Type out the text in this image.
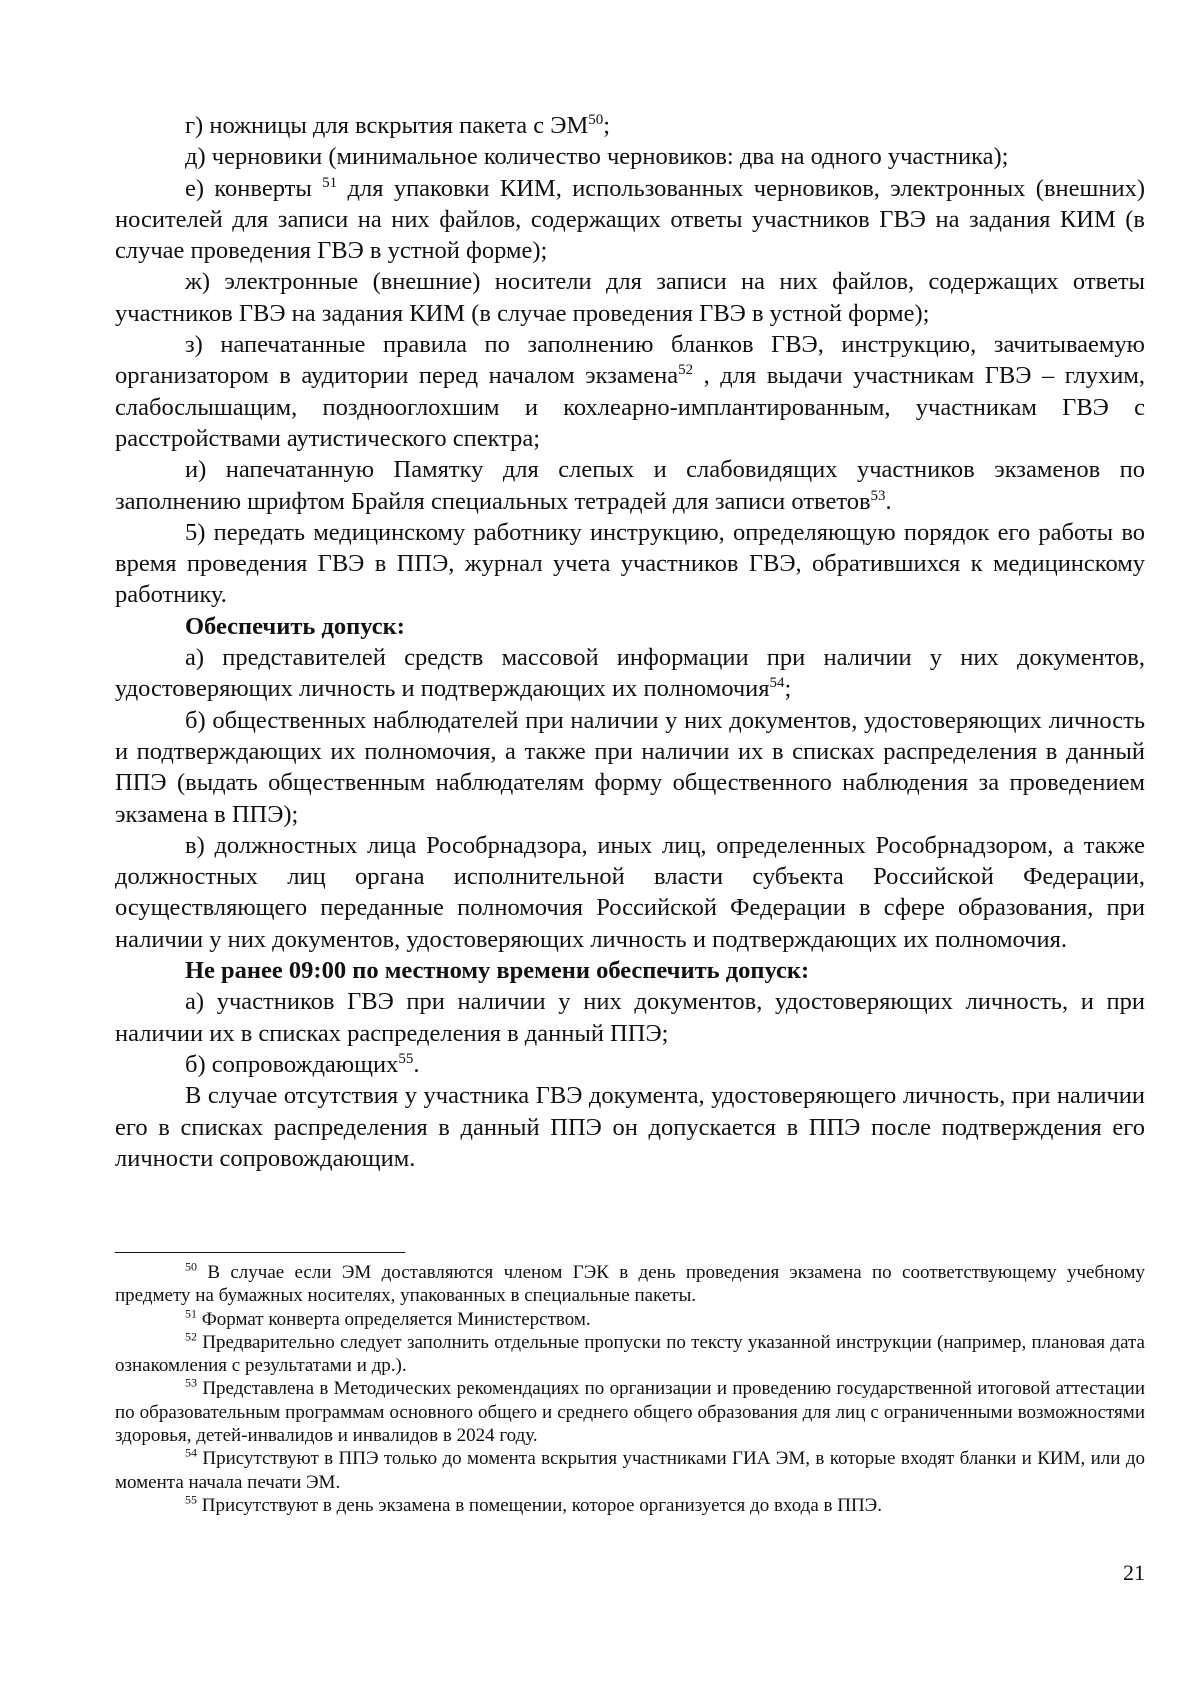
г) ножницы для вскрытия пакета с ЭМ$^{50}$;

д) черновики (минимальное количество черновиков: два на одного участника);

е) конверты $^{51}$ для упаковки КИМ, использованных черновиков, электронных (внешних) носителей для записи на них файлов, содержащих ответы участников ГВЭ на задания КИМ (в случае проведения ГВЭ в устной форме);

ж) электронные (внешние) носители для записи на них файлов, содержащих ответы участников ГВЭ на задания КИМ (в случае проведения ГВЭ в устной форме);

з) напечатанные правила по заполнению бланков ГВЭ, инструкцию, зачитываемую организатором в аудитории перед началом экзамена$^{52}$ , для выдачи участникам ГВЭ – глухим, слабослышащим, позднооглохшим и кохлеарно-имплантированным, участникам ГВЭ с расстройствами аутистического спектра;

и) напечатанную Памятку для слепых и слабовидящих участников экзаменов по заполнению шрифтом Брайля специальных тетрадей для записи ответов$^{53}$.

5) передать медицинскому работнику инструкцию, определяющую порядок его работы во время проведения ГВЭ в ППЭ, журнал учета участников ГВЭ, обратившихся к медицинскому работнику.

Обеспечить допуск:

а) представителей средств массовой информации при наличии у них документов, удостоверяющих личность и подтверждающих их полномочия$^{54}$;

б) общественных наблюдателей при наличии у них документов, удостоверяющих личность и подтверждающих их полномочия, а также при наличии их в списках распределения в данный ППЭ (выдать общественным наблюдателям форму общественного наблюдения за проведением экзамена в ППЭ);

в) должностных лица Рособрнадзора, иных лиц, определенных Рособрнадзором, а также должностных лиц органа исполнительной власти субъекта Российской Федерации, осуществляющего переданные полномочия Российской Федерации в сфере образования, при наличии у них документов, удостоверяющих личность и подтверждающих их полномочия.

Не ранее 09:00 по местному времени обеспечить допуск:

а) участников ГВЭ при наличии у них документов, удостоверяющих личность, и при наличии их в списках распределения в данный ППЭ;

б) сопровождающих$^{55}$.

В случае отсутствия у участника ГВЭ документа, удостоверяющего личность, при наличии его в списках распределения в данный ППЭ он допускается в ППЭ после подтверждения его личности сопровождающим.

$^{50}$ В случае если ЭМ доставляются членом ГЭК в день проведения экзамена по соответствующему учебному предмету на бумажных носителях, упакованных в специальные пакеты.

$^{51}$ Формат конверта определяется Министерством.

$^{52}$ Предварительно следует заполнить отдельные пропуски по тексту указанной инструкции (например, плановая дата ознакомления с результатами и др.).

$^{53}$ Представлена в Методических рекомендациях по организации и проведению государственной итоговой аттестации по образовательным программам основного общего и среднего общего образования для лиц с ограниченными возможностями здоровья, детей-инвалидов и инвалидов в 2024 году.

$^{54}$ Присутствуют в ППЭ только до момента вскрытия участниками ГИА ЭМ, в которые входят бланки и КИМ, или до момента начала печати ЭМ.

$^{55}$ Присутствуют в день экзамена в помещении, которое организуется до входа в ППЭ.

21
